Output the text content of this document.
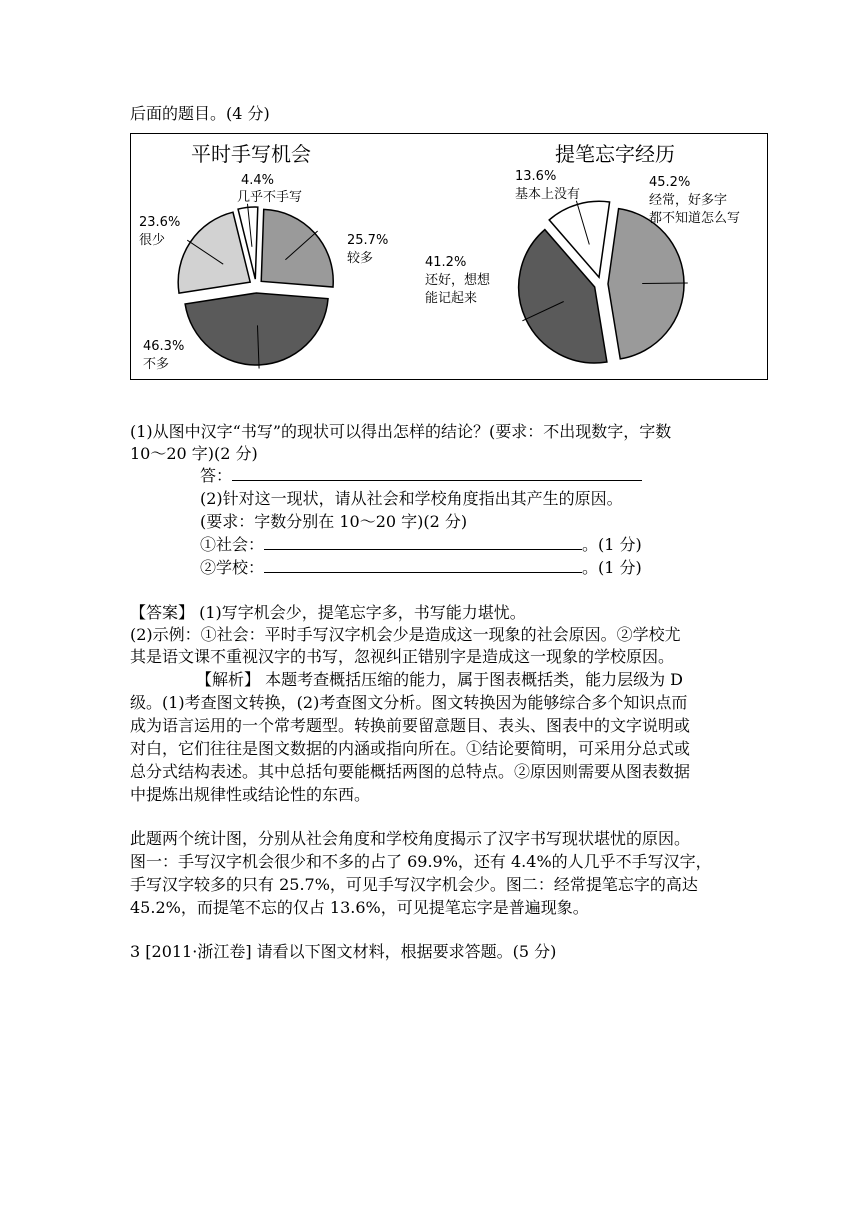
后面的题目。(4 分)
平时手写机会
4.4%
几乎不手写
23.6%
很少	25.7%
较多
46.3%
不多
提笔忘字经历
13.6%
基本上没有
45.2%
经常，好多字
都不知道怎么写
41.2%
还好，想想
能记起来
(1)从图中汉字“书写”的现状可以得出怎样的结论？(要求：不出现数字，字数
10～20 字)(2 分)
答：
(2)针对这一现状，请从社会和学校角度指出其产生的原因。
(要求：字数分别在 10～20 字)(2 分)
①社会：	。(1 分)
②学校：	。(1 分)
【答案】 (1)写字机会少，提笔忘字多，书写能力堪忧。
(2)示例：①社会：平时手写汉字机会少是造成这一现象的社会原因。②学校尤
其是语文课不重视汉字的书写，忽视纠正错别字是造成这一现象的学校原因。
【解析】 本题考查概括压缩的能力，属于图表概括类，能力层级为 D
级。(1)考查图文转换，(2)考查图文分析。图文转换因为能够综合多个知识点而
成为语言运用的一个常考题型。转换前要留意题目、表头、图表中的文字说明或
对白，它们往往是图文数据的内涵或指向所在。①结论要简明，可采用分总式或
总分式结构表述。其中总括句要能概括两图的总特点。②原因则需要从图表数据
中提炼出规律性或结论性的东西。
此题两个统计图，分别从社会角度和学校角度揭示了汉字书写现状堪忧的原因。
图一：手写汉字机会很少和不多的占了 69.9%，还有 4.4%的人几乎不手写汉字，
手写汉字较多的只有 25.7%，可见手写汉字机会少。图二：经常提笔忘字的高达
45.2%，而提笔不忘的仅占 13.6%，可见提笔忘字是普遍现象。
3 [2011·浙江卷] 请看以下图文材料，根据要求答题。(5 分)
